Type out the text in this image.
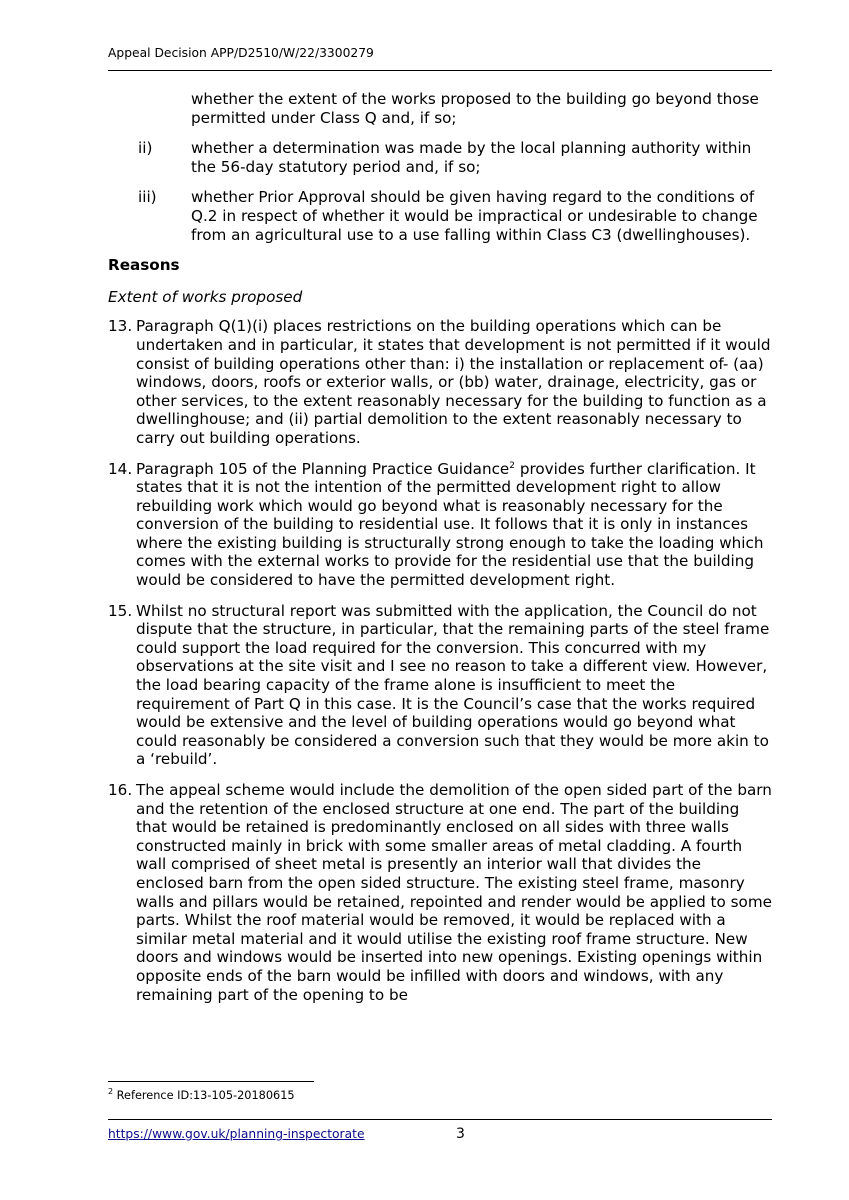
Appeal Decision APP/D2510/W/22/3300279
whether the extent of the works proposed to the building go beyond those permitted under Class Q and, if so;
ii)	whether a determination was made by the local planning authority within the 56-day statutory period and, if so;
iii) whether Prior Approval should be given having regard to the conditions of Q.2 in respect of whether it would be impractical or undesirable to change from an agricultural use to a use falling within Class C3 (dwellinghouses).
Reasons
Extent of works proposed
13. Paragraph Q(1)(i) places restrictions on the building operations which can be undertaken and in particular, it states that development is not permitted if it would consist of building operations other than: i) the installation or replacement of- (aa) windows, doors, roofs or exterior walls, or (bb) water, drainage, electricity, gas or other services, to the extent reasonably necessary for the building to function as a dwellinghouse; and (ii) partial demolition to the extent reasonably necessary to carry out building operations.
14. Paragraph 105 of the Planning Practice Guidance$^2$ provides further clarification. It states that it is not the intention of the permitted development right to allow rebuilding work which would go beyond what is reasonably necessary for the conversion of the building to residential use. It follows that it is only in instances where the existing building is structurally strong enough to take the loading which comes with the external works to provide for the residential use that the building would be considered to have the permitted development right.
15. Whilst no structural report was submitted with the application, the Council do not dispute that the structure, in particular, that the remaining parts of the steel frame could support the load required for the conversion. This concurred with my observations at the site visit and I see no reason to take a different view. However, the load bearing capacity of the frame alone is insufficient to meet the requirement of Part Q in this case. It is the Council’s case that the works required would be extensive and the level of building operations would go beyond what could reasonably be considered a conversion such that they would be more akin to a ‘rebuild’.
16. The appeal scheme would include the demolition of the open sided part of the barn and the retention of the enclosed structure at one end. The part of the building that would be retained is predominantly enclosed on all sides with three walls constructed mainly in brick with some smaller areas of metal cladding. A fourth wall comprised of sheet metal is presently an interior wall that divides the enclosed barn from the open sided structure. The existing steel frame, masonry walls and pillars would be retained, repointed and render would be applied to some parts. Whilst the roof material would be removed, it would be replaced with a similar metal material and it would utilise the existing roof frame structure. New doors and windows would be inserted into new openings. Existing openings within opposite ends of the barn would be infilled with doors and windows, with any remaining part of the opening to be
$^2$ Reference ID:13-105-20180615
https://www.gov.uk/planning-inspectorate	3
